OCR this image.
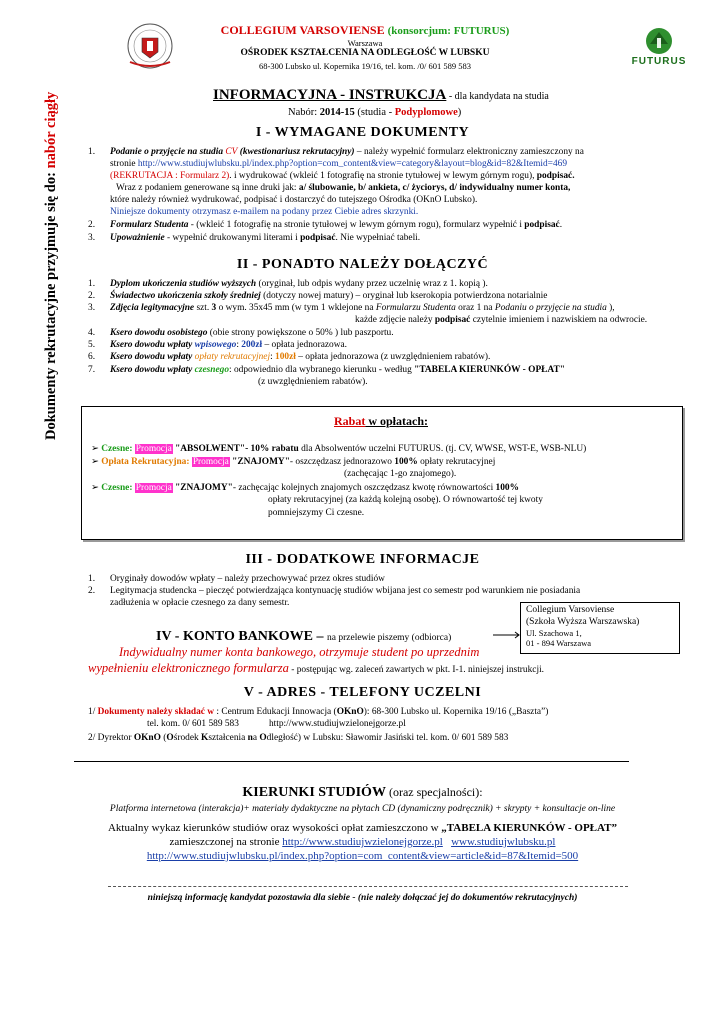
COLLEGIUM VARSOVIENSE (konsorcjum: FUTURUS)
Warszawa
OŚRODEK KSZTAŁCENIA NA ODLEGŁOŚĆ W LUBSKU
68-300 Lubsko ul. Kopernika 19/16, tel. kom. /0/ 601 589 583	FUTURUS
Dokumenty rekrutacyjne przyjmuje się do: nabór ciągły	INFORMACYJNA - INSTRUKCJA - dla kandydata na studia
Nabór: 2014-15 (studia - Podyplomowe)
I - WYMAGANE DOKUMENTY
1.	Podanie o przyjęcie na studia CV (kwestionariusz rekrutacyjny) – należy wypełnić formularz elektroniczny zamieszczony na
stronie http://www.studiujwlubsku.pl/index.php?option=com_content&view=category&layout=blog&id=82&Itemid=469
(REKRUTACJA : Formularz 2). i wydrukować (wkleić 1 fotografię na stronie tytułowej w lewym górnym rogu), podpisać.
Wraz z podaniem generowane są inne druki jak: a/ ślubowanie, b/ ankieta, c/ życiorys, d/ indywidualny numer konta,
które należy również wydrukować, podpisać i dostarczyć do tutejszego Ośrodka (OKnO Lubsko).
Niniejsze dokumenty otrzymasz e-mailem na podany przez Ciebie adres skrzynki.
2.	Formularz Studenta - (wkleić 1 fotografię na stronie tytułowej w lewym górnym rogu), formularz wypełnić i podpisać.
3.	Upoważnienie - wypełnić drukowanymi literami i podpisać. Nie wypełniać tabeli.
II - PONADTO NALEŻY DOŁĄCZYĆ
1.	Dyplom ukończenia studiów wyższych (oryginał, lub odpis wydany przez uczelnię wraz z 1. kopią ).
2.	Świadectwo ukończenia szkoły średniej (dotyczy nowej matury) – oryginał lub kserokopia potwierdzona notarialnie
3.	Zdjęcia legitymacyjne szt. 3 o wym. 35x45 mm (w tym 1 wklejone na Formularzu Studenta oraz 1 na Podaniu o przyjęcie na studia ),
każde zdjęcie należy podpisać czytelnie imieniem i nazwiskiem na odwrocie.
4.	Ksero dowodu osobistego (obie strony powiększone o 50% ) lub paszportu.
5.	Ksero dowodu wpłaty wpisowego: 200zł – opłata jednorazowa.
6.	Ksero dowodu wpłaty opłaty rekrutacyjnej: 100zł – opłata jednorazowa (z uwzględnieniem rabatów).
7.	Ksero dowodu wpłaty czesnego: odpowiednio dla wybranego kierunku - według "TABELA KIERUNKÓW - OPŁAT"
(z uwzględnieniem rabatów).
Rabat w opłatach:
➢ Czesne: Promocja "ABSOLWENT"- 10% rabatu dla Absolwentów uczelni FUTURUS. (tj. CV, WWSE, WST-E, WSB-NLU)
➢ Opłata Rekrutacyjna: Promocja "ZNAJOMY"- oszczędzasz jednorazowo 100% opłaty rekrutacyjnej
(zachęcając 1-go znajomego).
➢ Czesne: Promocja "ZNAJOMY"- zachęcając kolejnych znajomych oszczędzasz kwotę równowartości 100%
opłaty rekrutacyjnej (za każdą kolejną osobę). O równowartość tej kwoty
pomniejszymy Ci czesne.
III - DODATKOWE INFORMACJE
1.	Oryginały dowodów wpłaty – należy przechowywać przez okres studiów
2.	Legitymacja studencka – pieczęć potwierdzająca kontynuację studiów wbijana jest co semestr pod warunkiem nie posiadania
zadłużenia w opłacie czesnego za dany semestr.
Collegium Varsoviense
(Szkoła Wyższa Warszawska)
Ul. Szachowa 1,
01 - 894 Warszawa
IV - KONTO BANKOWE – na przelewie piszemy (odbiorca)
Indywidualny numer konta bankowego, otrzymuje student po uprzednim
wypełnieniu elektronicznego formularza - postępując wg. zaleceń zawartych w pkt. I-1. niniejszej instrukcji.
V - ADRES - TELEFONY UCZELNI
1/ Dokumenty należy składać w : Centrum Edukacji Innowacja (OKnO): 68-300 Lubsko ul. Kopernika 19/16 („Baszta”)
tel. kom. 0/ 601 589 583	http://www.studiujwzielonejgorze.pl
2/ Dyrektor OKnO (Ośrodek Kształcenia na Odległość) w Lubsku: Sławomir Jasiński tel. kom. 0/ 601 589 583
KIERUNKI STUDIÓW (oraz specjalności):
Platforma internetowa (interakcja)+ materiały dydaktyczne na płytach CD (dynamiczny podręcznik) + skrypty + konsultacje on-line
Aktualny wykaz kierunków studiów oraz wysokości opłat zamieszczono w „TABELA KIERUNKÓW - OPŁAT”
zamieszczonej na stronie http://www.studiujwzielonejgorze.pl www.studiujwlubsku.pl
http://www.studiujwlubsku.pl/index.php?option=com_content&view=article&id=87&Itemid=500
niniejszą informację kandydat pozostawia dla siebie - (nie należy dołączać jej do dokumentów rekrutacyjnych)
